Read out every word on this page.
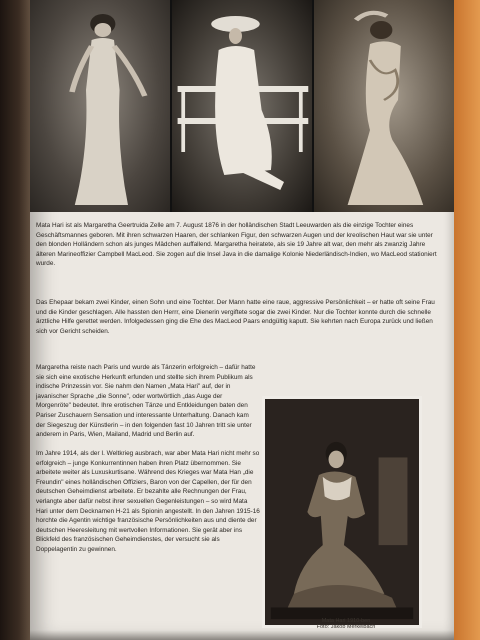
Mata Hari ist als Margaretha Geertruida Zelle am 7. August 1876 in der holländischen Stadt Leeuwarden als die einzige Tochter eines Geschäftsmannes geboren. Mit ihren schwarzen Haaren, der schlanken Figur, den schwarzen Augen und der kreolischen Haut war sie unter den blonden Holländern schon als junges Mädchen auffallend. Margaretha heiratete, als sie 19 Jahre alt war, den mehr als zwanzig Jahre älteren Marineoffizier Campbell MacLeod. Sie zogen auf die Insel Java in die damalige Kolonie Niederländisch-Indien, wo MacLeod stationiert wurde.

Das Ehepaar bekam zwei Kinder, einen Sohn und eine Tochter. Der Mann hatte eine raue, aggressive Persönlichkeit – er hatte oft seine Frau und die Kinder geschlagen. Alle hassten den Herrr, eine Dienerin vergiftete sogar die zwei Kinder. Nur die Tochter konnte durch die schnelle ärztliche Hilfe gerettet werden. Infolgedessen ging die Ehe des MacLeod Paars endgültig kaputt. Sie kehrten nach Europa zurück und ließen sich vor Gericht scheiden.

Margaretha reiste nach Paris und wurde als Tänzerin erfolgreich – dafür hatte sie sich eine exotische Herkunft erfunden und stellte sich ihrem Publikum als indische Prinzessin vor. Sie nahm den Namen „Mata Hari" auf, der in javanischer Sprache „die Sonne", oder wortwörtlich „das Auge der Morgenröte" bedeutet. Ihre erotischen Tänze und Entkleidungen baten den Pariser Zuschauern Sensation und interessante Unterhaltung. Danach kam der Siegeszug der Künstlerin – in den folgenden fast 10 Jahren tritt sie unter anderem in Paris, Wien, Mailand, Madrid und Berlin auf.

Im Jahre 1914, als der I. Weltkrieg ausbrach, war aber Mata Hari nicht mehr so erfolgreich – junge Konkurrentinnen haben ihren Platz übernommen. Sie arbeitete weiter als Luxuskurtisane. Während des Krieges war Mata Han „die Freundin" eines holländischen Offiziers, Baron von der Capellen, der für den deutschen Geheimdienst arbeitete. Er bezahlte alle Rechnungen der Frau, verlangte aber dafür nebst ihrer sexuellen Gegenleistungen – so wird Mata Hari unter dem Decknamen H-21 als Spionin angestellt. In den Jahren 1915-16 horchte die Agentin wichtige französische Persönlichkeiten aus und diente der deutschen Heeresleitung mit wertvollen Informationen. Sie gerät aber ins Blickfeld des französischen Geheimdienstes, der versucht sie als Doppelagentin zu gewinnen.

Mata Hari 1910-ben
Fotó: Jakob Merkelbach
